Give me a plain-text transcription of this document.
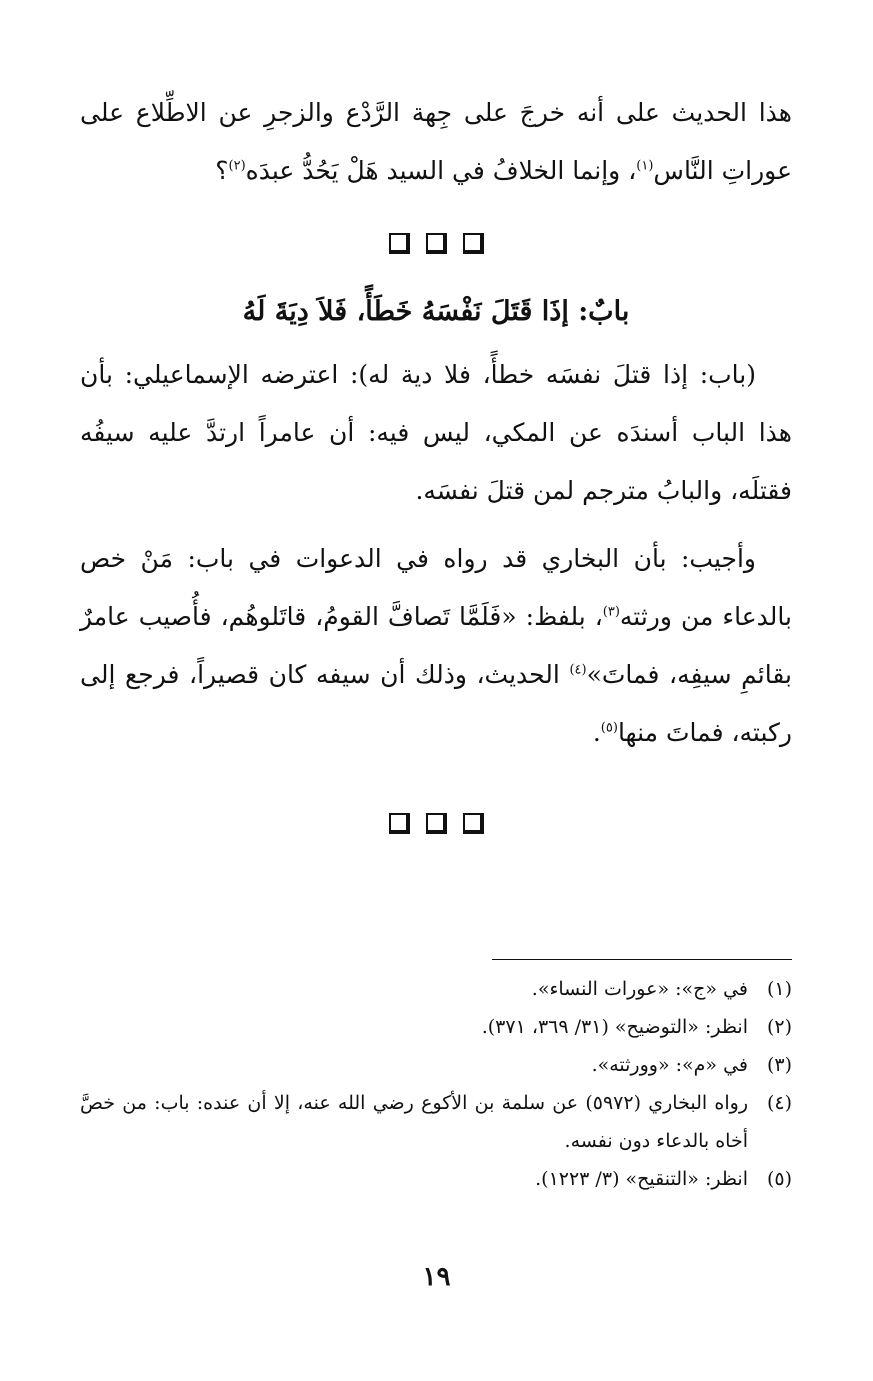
هذا الحديث على أنه خرجَ على جِهة الرَّدْع والزجرِ عن الاطِّلاع على عوراتِ النَّاس$^{(١)}$، وإنما الخلافُ في السيد هَلْ يَحُدُّ عبدَه$^{(٢)}$؟

بابٌ: إذَا قَتَلَ نَفْسَهُ خَطَأً، فَلاَ دِيَةَ لَهُ

(باب: إذا قتلَ نفسَه خطأً، فلا دية له): اعترضه الإسماعيلي: بأن هذا الباب أسندَه عن المكي، ليس فيه: أن عامراً ارتدَّ عليه سيفُه فقتلَه، والبابُ مترجم لمن قتلَ نفسَه.

وأجيب: بأن البخاري قد رواه في الدعوات في باب: مَنْ خص بالدعاء من ورثته$^{(٣)}$، بلفظ: «فَلَمَّا تَصافَّ القومُ، قاتَلوهُم، فأُصيب عامرٌ بقائمِ سيفِه، فماتَ»$^{(٤)}$ الحديث، وذلك أن سيفه كان قصيراً، فرجع إلى ركبته، فماتَ منها$^{(٥)}$.

(١)في «ج»: «عورات النساء».

(٢)انظر: «التوضيح» (٣١/ ٣٦٩، ٣٧١).

(٣)في «م»: «وورثته».

(٤)رواه البخاري (٥٩٧٢) عن سلمة بن الأكوع رضي الله عنه، إلا أن عنده: باب: من خصَّ أخاه بالدعاء دون نفسه.

(٥)انظر: «التنقيح» (٣/ ١٢٢٣).

١٩
